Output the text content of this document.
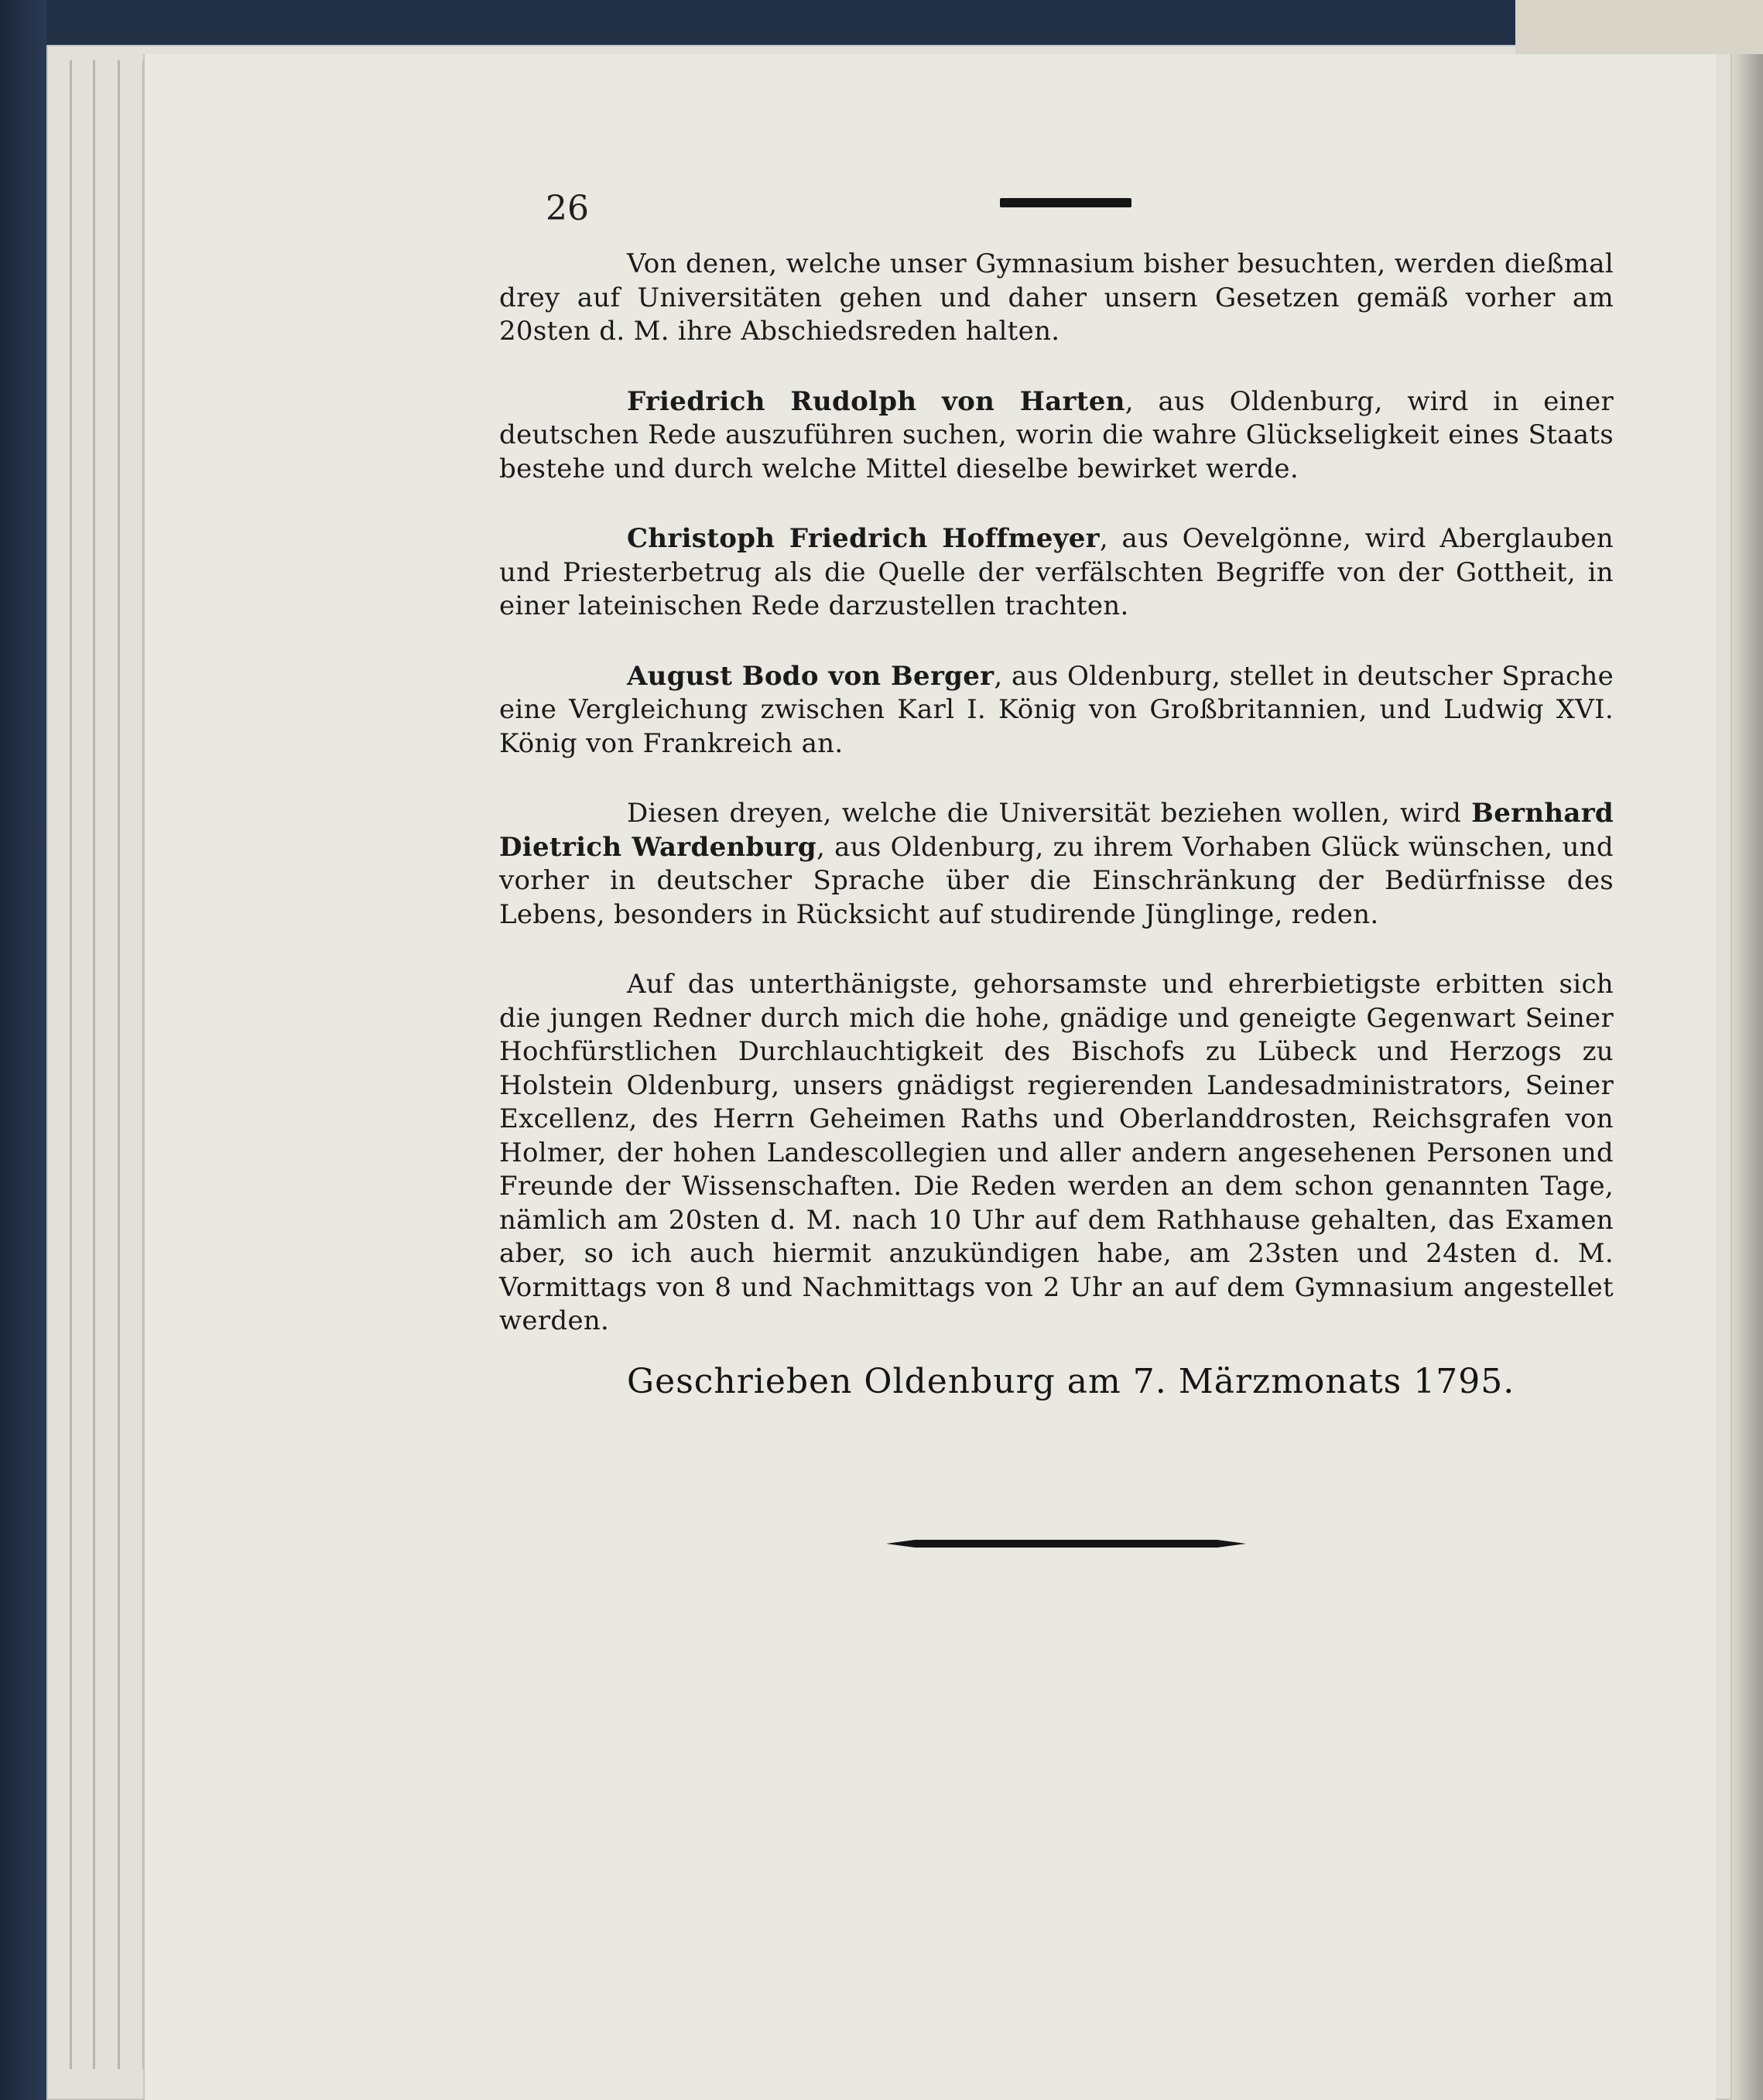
26

Von denen, welche unser Gymnasium bisher besuchten, werden dießmal drey auf Universitäten gehen und daher unsern Gesetzen gemäß vorher am 20sten d. M. ihre Abschiedsreden halten.

Friedrich Rudolph von Harten, aus Oldenburg, wird in einer deutschen Rede auszuführen suchen, worin die wahre Glückseligkeit eines Staats bestehe und durch welche Mittel dieselbe bewirket werde.

Christoph Friedrich Hoffmeyer, aus Oevelgönne, wird Aberglauben und Priesterbetrug als die Quelle der verfälschten Begriffe von der Gottheit, in einer lateinischen Rede darzustellen trachten.

August Bodo von Berger, aus Oldenburg, stellet in deutscher Sprache eine Vergleichung zwischen Karl I. König von Großbritannien, und Ludwig XVI. König von Frankreich an.

Diesen dreyen, welche die Universität beziehen wollen, wird Bernhard Dietrich Wardenburg, aus Oldenburg, zu ihrem Vorhaben Glück wünschen, und vorher in deutscher Sprache über die Einschränkung der Bedürfnisse des Lebens, besonders in Rücksicht auf studirende Jünglinge, reden.

Auf das unterthänigste, gehorsamste und ehrerbietigste erbitten sich die jungen Redner durch mich die hohe, gnädige und geneigte Gegenwart Seiner Hochfürstlichen Durchlauchtigkeit des Bischofs zu Lübeck und Herzogs zu Holstein Oldenburg, unsers gnädigst regierenden Landesadministrators, Seiner Excellenz, des Herrn Geheimen Raths und Oberlanddrosten, Reichsgrafen von Holmer, der hohen Landescollegien und aller andern angesehenen Personen und Freunde der Wissenschaften. Die Reden werden an dem schon genannten Tage, nämlich am 20sten d. M. nach 10 Uhr auf dem Rathhause gehalten, das Examen aber, so ich auch hiermit anzukündigen habe, am 23sten und 24sten d. M. Vormittags von 8 und Nachmittags von 2 Uhr an auf dem Gymnasium angestellet werden.

Geschrieben Oldenburg am 7. Märzmonats 1795.
